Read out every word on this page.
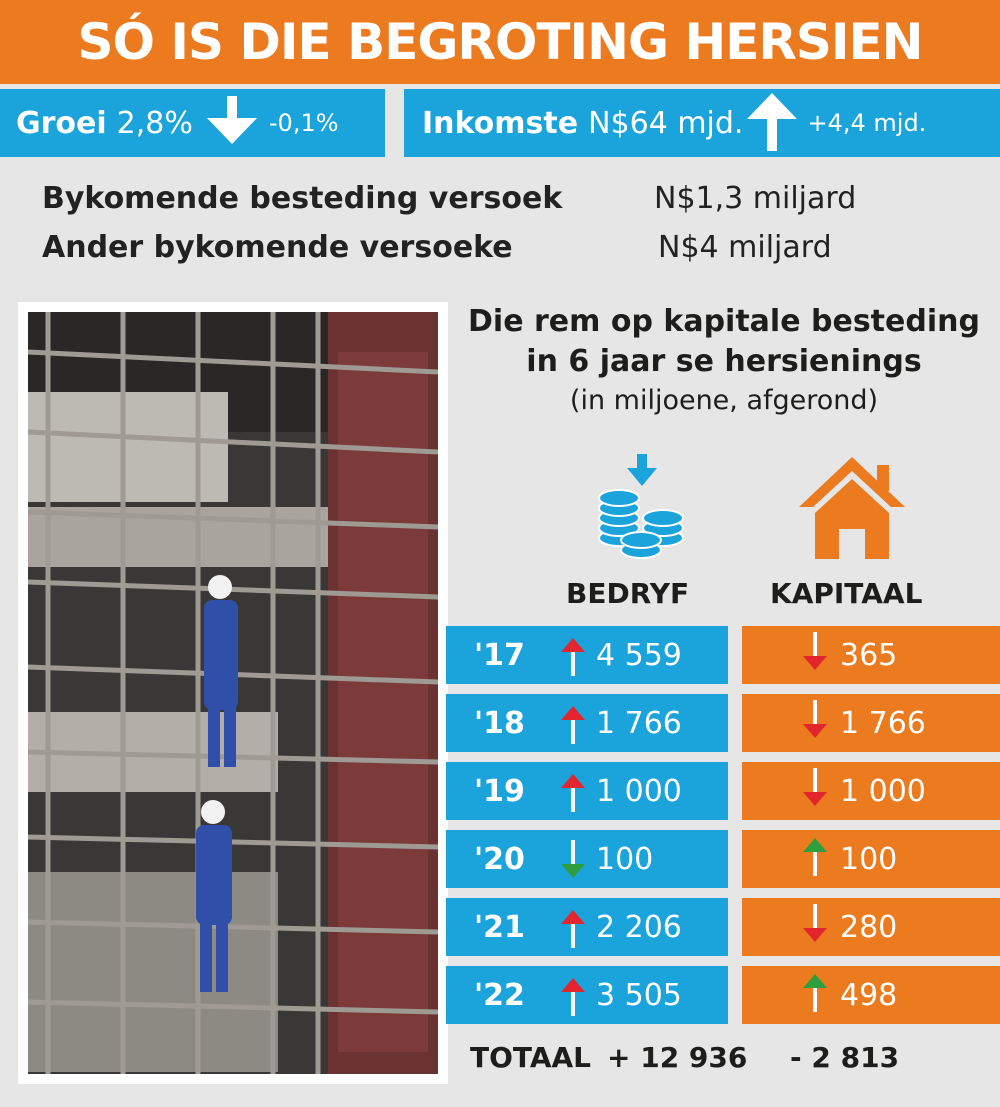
SÓ IS DIE BEGROTING HERSIEN
Groei 2,8%	-0,1%	Inkomste N$64 mjd.	+4,4 mjd.
Bykomende besteding versoek	N$1,3 miljard
Ander bykomende versoeke	N$4 miljard
Die rem op kapitale besteding in 6 jaar se hersienings
(in miljoene, afgerond)
BEDRYF	KAPITAAL
'17 4 559	365
'18 1 766	1 766
'19 1 000	1 000
'20 100	100
'21 2 206	280
'22 3 505	498
TOTAAL + 12 936 - 2 813
